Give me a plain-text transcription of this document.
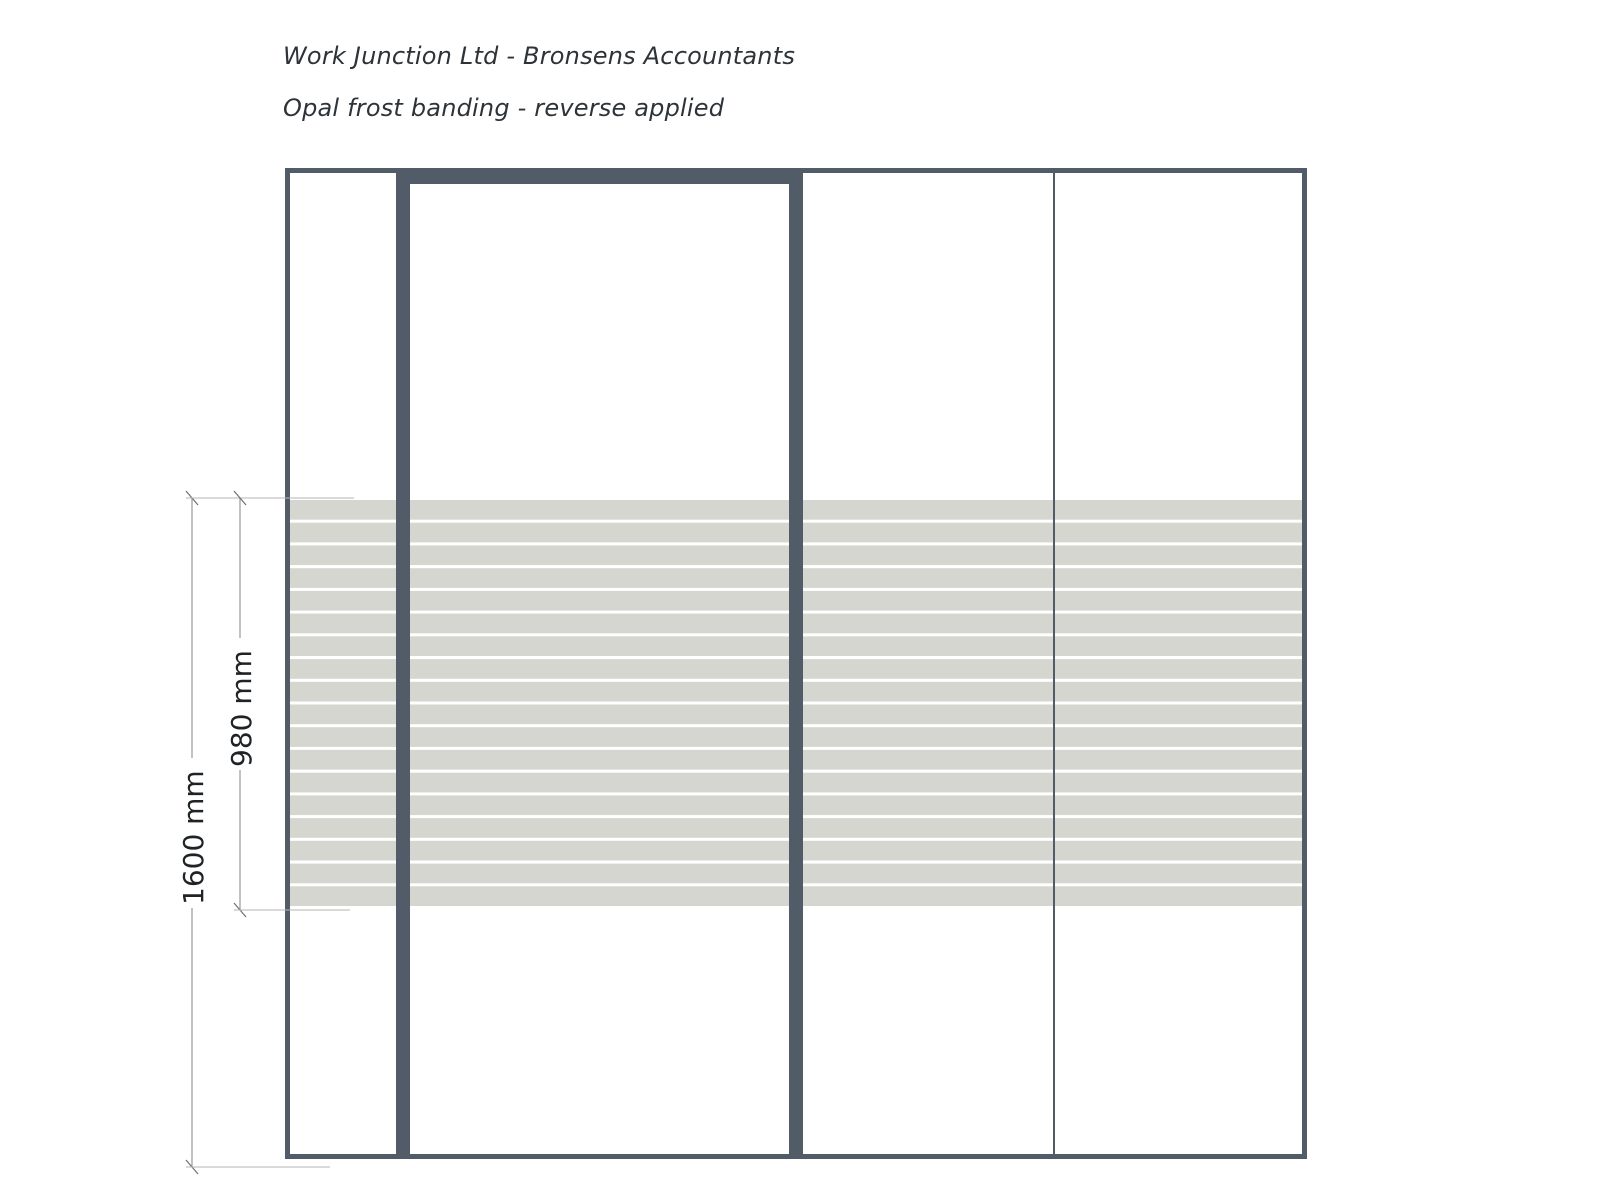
Work Junction Ltd - Bronsens Accountants
Opal frost banding - reverse applied
1600 mm
980 mm
